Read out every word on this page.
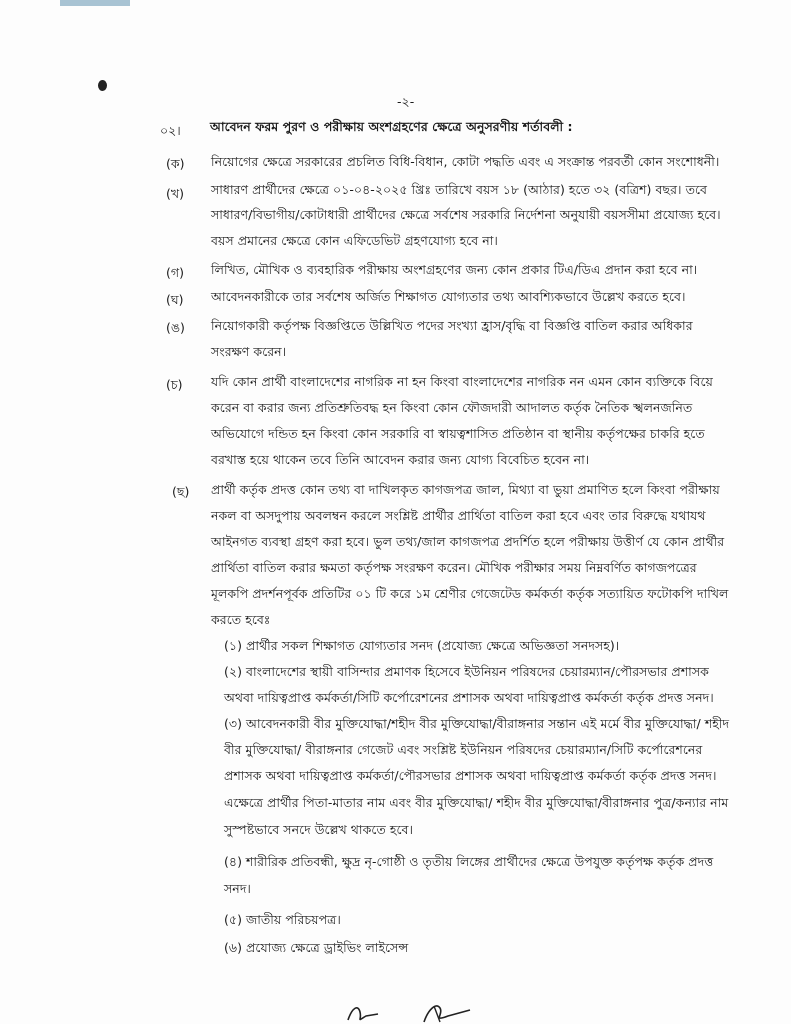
-২-
০২। আবেদন ফরম পুরণ ও পরীক্ষায় অংশগ্রহণের ক্ষেত্রে অনুসরণীয় শর্তাবলী :
(ক) নিয়োগের ক্ষেত্রে সরকারের প্রচলিত বিধি-বিধান, কোটা পদ্ধতি এবং এ সংক্রান্ত পরবর্তী কোন সংশোধনী।
(খ) সাধারণ প্রার্থীদের ক্ষেত্রে ০১-০৪-২০২৫ খ্রিঃ তারিখে বয়স ১৮ (আঠার) হতে ৩২ (বত্রিশ) বছর। তবে
সাধারণ/বিভাগীয়/কোটাধারী প্রার্থীদের ক্ষেত্রে সর্বশেষ সরকারি নির্দেশনা অনুযায়ী বয়সসীমা প্রযোজ্য হবে।
বয়স প্রমানের ক্ষেত্রে কোন এফিডেভিট গ্রহণযোগ্য হবে না।
(গ) লিখিত, মৌখিক ও ব্যবহারিক পরীক্ষায় অংশগ্রহণের জন্য কোন প্রকার টিএ/ডিএ প্রদান করা হবে না।
(ঘ) আবেদনকারীকে তার সর্বশেষ অর্জিত শিক্ষাগত যোগ্যতার তথ্য আবশ্যিকভাবে উল্লেখ করতে হবে।
(ঙ) নিয়োগকারী কর্তৃপক্ষ বিজ্ঞপ্তিতে উল্লিখিত পদের সংখ্যা হ্রাস/বৃদ্ধি বা বিজ্ঞপ্তি বাতিল করার অধিকার
সংরক্ষণ করেন।
(চ) যদি কোন প্রার্থী বাংলাদেশের নাগরিক না হন কিংবা বাংলাদেশের নাগরিক নন এমন কোন ব্যক্তিকে বিয়ে
করেন বা করার জন্য প্রতিশ্রুতিবদ্ধ হন কিংবা কোন ফৌজদারী আদালত কর্তৃক নৈতিক স্খলনজনিত
অভিযোগে দন্ডিত হন কিংবা কোন সরকারি বা স্বায়ত্বশাসিত প্রতিষ্ঠান বা স্থানীয় কর্তৃপক্ষের চাকরি হতে
বরখাস্ত হয়ে থাকেন তবে তিনি আবেদন করার জন্য যোগ্য বিবেচিত হবেন না।
(ছ) প্রার্থী কর্তৃক প্রদত্ত কোন তথ্য বা দাখিলকৃত কাগজপত্র জাল, মিথ্যা বা ভুয়া প্রমাণিত হলে কিংবা পরীক্ষায়
নকল বা অসদুপায় অবলম্বন করলে সংশ্লিষ্ট প্রার্থীর প্রার্থিতা বাতিল করা হবে এবং তার বিরুদ্ধে যথাযথ
আইনগত ব্যবস্থা গ্রহণ করা হবে। ভুল তথ্য/জাল কাগজপত্র প্রদর্শিত হলে পরীক্ষায় উত্তীর্ণ যে কোন প্রার্থীর
প্রার্থিতা বাতিল করার ক্ষমতা কর্তৃপক্ষ সংরক্ষণ করেন। মৌখিক পরীক্ষার সময় নিম্নবর্ণিত কাগজপত্রের
মূলকপি প্রদর্শনপূর্বক প্রতিটির ০১ টি করে ১ম শ্রেণীর গেজেটেড কর্মকর্তা কর্তৃক সত্যায়িত ফটোকপি দাখিল
করতে হবেঃ
(১) প্রার্থীর সকল শিক্ষাগত যোগ্যতার সনদ (প্রযোজ্য ক্ষেত্রে অভিজ্ঞতা সনদসহ)।
(২) বাংলাদেশের স্থায়ী বাসিন্দার প্রমাণক হিসেবে ইউনিয়ন পরিষদের চেয়ারম্যান/পৌরসভার প্রশাসক
অথবা দায়িত্বপ্রাপ্ত কর্মকর্তা/সিটি কর্পোরেশনের প্রশাসক অথবা দায়িত্বপ্রাপ্ত কর্মকর্তা কর্তৃক প্রদত্ত সনদ।
(৩) আবেদনকারী বীর মুক্তিযোদ্ধা/শহীদ বীর মুক্তিযোদ্ধা/বীরাঙ্গনার সন্তান এই মর্মে বীর মুক্তিযোদ্ধা/ শহীদ
বীর মুক্তিযোদ্ধা/ বীরাঙ্গনার গেজেট এবং সংশ্লিষ্ট ইউনিয়ন পরিষদের চেয়ারম্যান/সিটি কর্পোরেশনের
প্রশাসক অথবা দায়িত্বপ্রাপ্ত কর্মকর্তা/পৌরসভার প্রশাসক অথবা দায়িত্বপ্রাপ্ত কর্মকর্তা কর্তৃক প্রদত্ত সনদ।
এক্ষেত্রে প্রার্থীর পিতা-মাতার নাম এবং বীর মুক্তিযোদ্ধা/ শহীদ বীর মুক্তিযোদ্ধা/বীরাঙ্গনার পুত্র/কন্যার নাম
সুস্পষ্টভাবে সনদে উল্লেখ থাকতে হবে।
(৪) শারীরিক প্রতিবন্ধী, ক্ষুদ্র নৃ-গোষ্ঠী ও তৃতীয় লিঙ্গের প্রার্থীদের ক্ষেত্রে উপযুক্ত কর্তৃপক্ষ কর্তৃক প্রদত্ত
সনদ।
(৫) জাতীয় পরিচয়পত্র।
(৬) প্রযোজ্য ক্ষেত্রে ড্রাইভিং লাইসেন্স
